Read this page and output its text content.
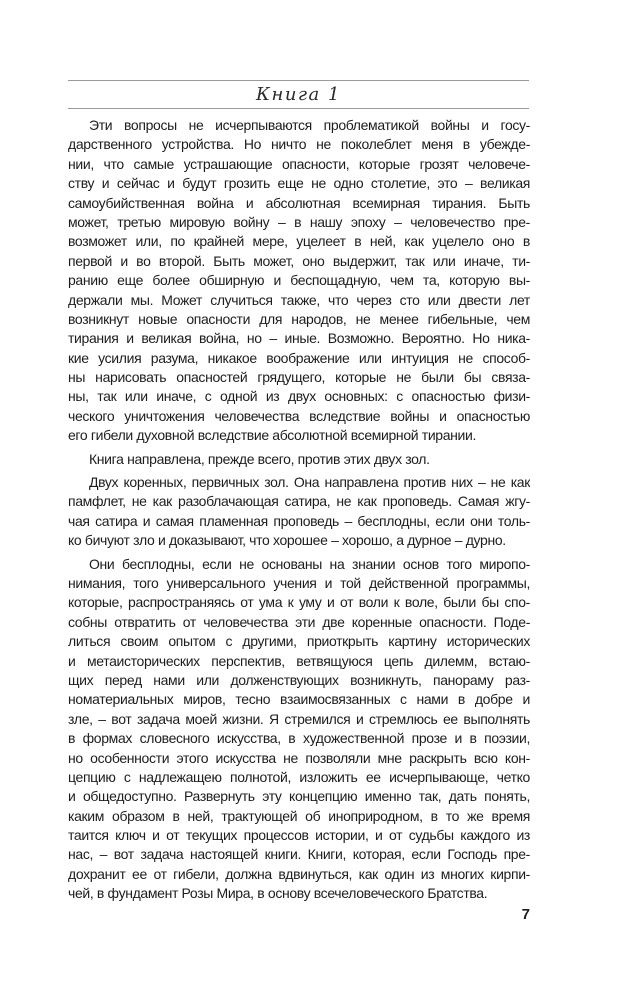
Книга 1
Эти вопросы не исчерпываются проблематикой войны и госу-
дарственного устройства. Но ничто не поколеблет меня в убежде-
нии, что самые устрашающие опасности, которые грозят человече-
ству и сейчас и будут грозить еще не одно столетие, это – великая
самоубийственная война и абсолютная всемирная тирания. Быть
может, третью мировую войну – в нашу эпоху – человечество пре-
возможет или, по крайней мере, уцелеет в ней, как уцелело оно в
первой и во второй. Быть может, оно выдержит, так или иначе, ти-
ранию еще более обширную и беспощадную, чем та, которую вы-
держали мы. Может случиться также, что через сто или двести лет
возникнут новые опасности для народов, не менее гибельные, чем
тирания и великая война, но – иные. Возможно. Вероятно. Но ника-
кие усилия разума, никакое воображение или интуиция не способ-
ны нарисовать опасностей грядущего, которые не были бы связа-
ны, так или иначе, с одной из двух основных: с опасностью физи-
ческого уничтожения человечества вследствие войны и опасностью
его гибели духовной вследствие абсолютной всемирной тирании.
Книга направлена, прежде всего, против этих двух зол.
Двух коренных, первичных зол. Она направлена против них – не как
памфлет, не как разоблачающая сатира, не как проповедь. Самая жгу-
чая сатира и самая пламенная проповедь – бесплодны, если они толь-
ко бичуют зло и доказывают, что хорошее – хорошо, а дурное – дурно.
Они бесплодны, если не основаны на знании основ того миропо-
нимания, того универсального учения и той действенной программы,
которые, распространяясь от ума к уму и от воли к воле, были бы спо-
собны отвратить от человечества эти две коренные опасности. Поде-
литься своим опытом с другими, приоткрыть картину исторических
и метаисторических перспектив, ветвящуюся цепь дилемм, встаю-
щих перед нами или долженствующих возникнуть, панораму раз-
номатериальных миров, тесно взаимосвязанных с нами в добре и
зле, – вот задача моей жизни. Я стремился и стремлюсь ее выполнять
в формах словесного искусства, в художественной прозе и в поэзии,
но особенности этого искусства не позволяли мне раскрыть всю кон-
цепцию с надлежащею полнотой, изложить ее исчерпывающе, четко
и общедоступно. Развернуть эту концепцию именно так, дать понять,
каким образом в ней, трактующей об иноприродном, в то же время
таится ключ и от текущих процессов истории, и от судьбы каждого из
нас, – вот задача настоящей книги. Книги, которая, если Господь пре-
дохранит ее от гибели, должна вдвинуться, как один из многих кирпи-
чей, в фундамент Розы Мира, в основу всечеловеческого Братства.
7
